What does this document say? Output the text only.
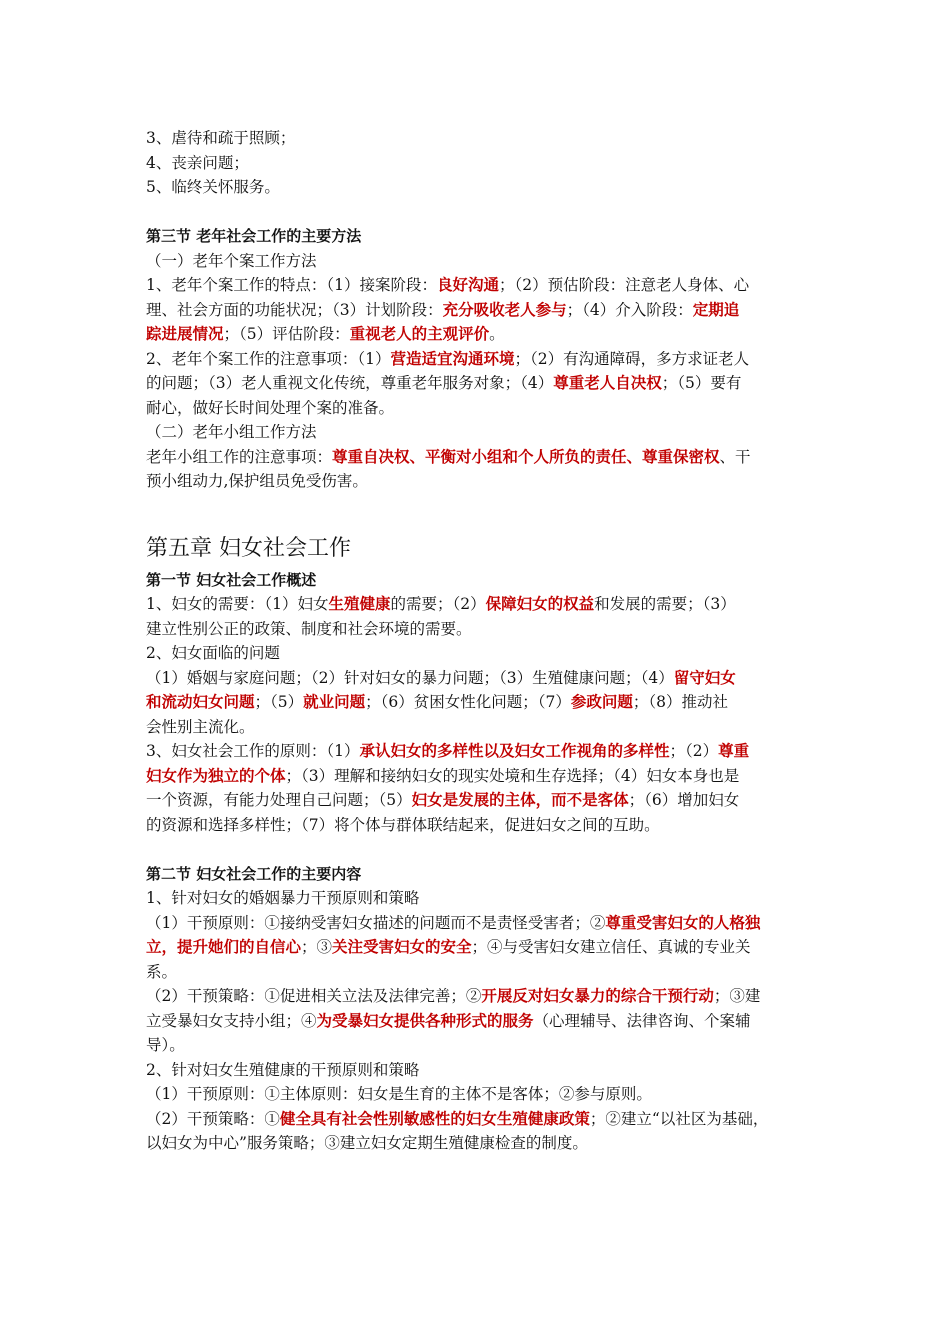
3、虐待和疏于照顾；
4、丧亲问题；
5、临终关怀服务。
第三节 老年社会工作的主要方法
（一）老年个案工作方法
1、老年个案工作的特点：（1）接案阶段：良好沟通；（2）预估阶段：注意老人身体、心
理、社会方面的功能状况；（3）计划阶段：充分吸收老人参与；（4）介入阶段：定期追
踪进展情况；（5）评估阶段：重视老人的主观评价。
2、老年个案工作的注意事项：（1）营造适宜沟通环境；（2）有沟通障碍，多方求证老人
的问题；（3）老人重视文化传统，尊重老年服务对象；（4）尊重老人自决权；（5）要有
耐心，做好长时间处理个案的准备。
（二）老年小组工作方法
老年小组工作的注意事项：尊重自决权、平衡对小组和个人所负的责任、尊重保密权、干
预小组动力,保护组员免受伤害。
第五章 妇女社会工作
第一节 妇女社会工作概述
1、妇女的需要：（1）妇女生殖健康的需要；（2）保障妇女的权益和发展的需要；（3）
建立性别公正的政策、制度和社会环境的需要。
2、妇女面临的问题
（1）婚姻与家庭问题；（2）针对妇女的暴力问题；（3）生殖健康问题；（4）留守妇女
和流动妇女问题；（5）就业问题；（6）贫困女性化问题；（7）参政问题；（8）推动社
会性别主流化。
3、妇女社会工作的原则：（1）承认妇女的多样性以及妇女工作视角的多样性；（2）尊重
妇女作为独立的个体；（3）理解和接纳妇女的现实处境和生存选择；（4）妇女本身也是
一个资源，有能力处理自己问题；（5）妇女是发展的主体，而不是客体；（6）增加妇女
的资源和选择多样性；（7）将个体与群体联结起来，促进妇女之间的互助。
第二节 妇女社会工作的主要内容
1、针对妇女的婚姻暴力干预原则和策略
（1）干预原则：①接纳受害妇女描述的问题而不是责怪受害者；②尊重受害妇女的人格独
立，提升她们的自信心；③关注受害妇女的安全；④与受害妇女建立信任、真诚的专业关
系。
（2）干预策略：①促进相关立法及法律完善；②开展反对妇女暴力的综合干预行动；③建
立受暴妇女支持小组；④为受暴妇女提供各种形式的服务（心理辅导、法律咨询、个案辅
导）。
2、针对妇女生殖健康的干预原则和策略
（1）干预原则：①主体原则：妇女是生育的主体不是客体；②参与原则。
（2）干预策略：①健全具有社会性别敏感性的妇女生殖健康政策；②建立“以社区为基础，
以妇女为中心”服务策略；③建立妇女定期生殖健康检查的制度。
